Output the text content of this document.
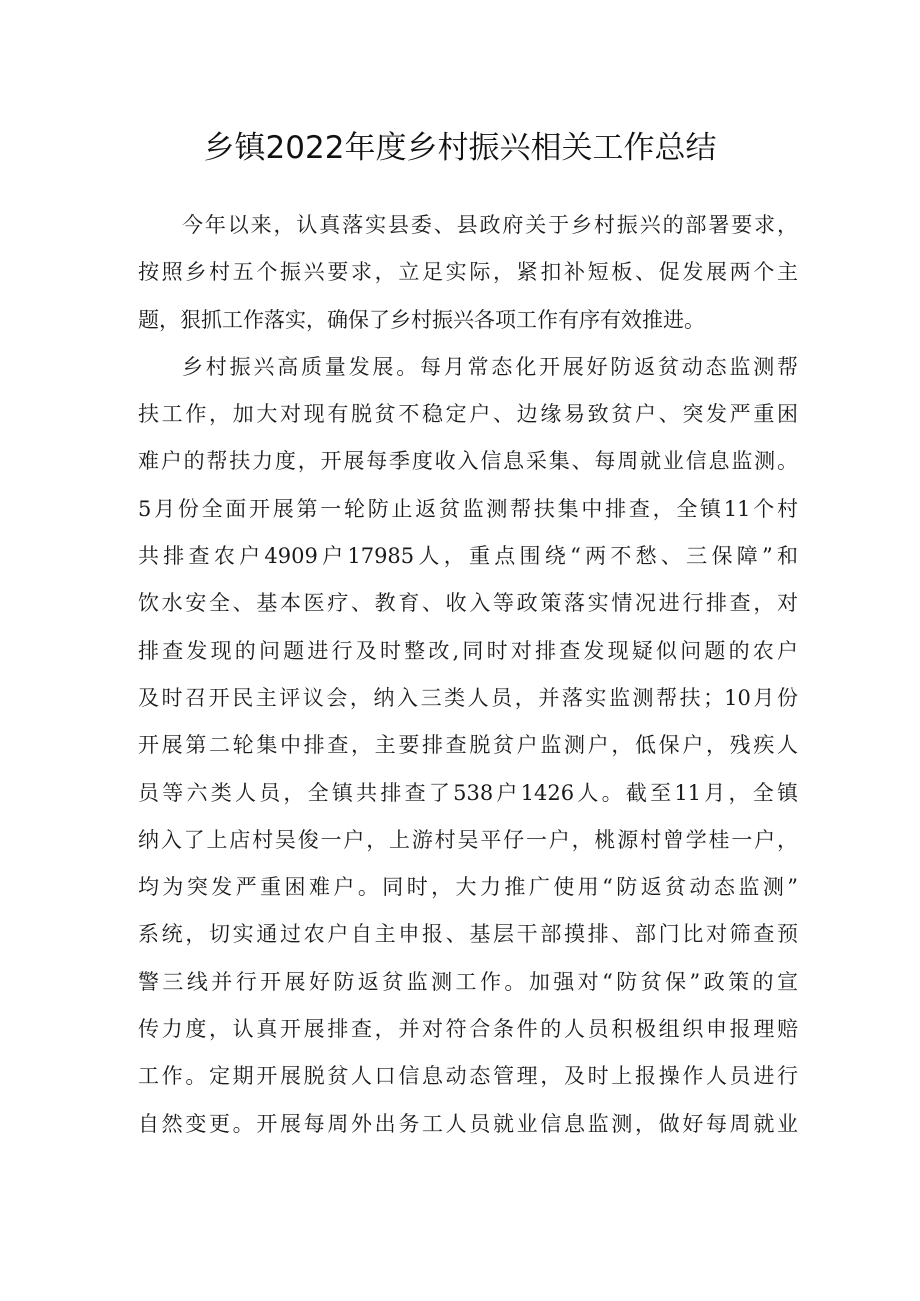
乡镇2022年度乡村振兴相关工作总结
今年以来，认真落实县委、县政府关于乡村振兴的部署要求，
按照乡村五个振兴要求，立足实际，紧扣补短板、促发展两个主
题，狠抓工作落实，确保了乡村振兴各项工作有序有效推进。
乡村振兴高质量发展。每月常态化开展好防返贫动态监测帮
扶工作，加大对现有脱贫不稳定户、边缘易致贫户、突发严重困
难户的帮扶力度，开展每季度收入信息采集、每周就业信息监测。
5月份全面开展第一轮防止返贫监测帮扶集中排查，全镇11个村
共排查农户4909户17985人，重点围绕“两不愁、三保障”和
饮水安全、基本医疗、教育、收入等政策落实情况进行排查，对
排查发现的问题进行及时整改,同时对排查发现疑似问题的农户
及时召开民主评议会，纳入三类人员，并落实监测帮扶；10月份
开展第二轮集中排查，主要排查脱贫户监测户，低保户，残疾人
员等六类人员，全镇共排查了538户1426人。截至11月，全镇
纳入了上店村吴俊一户，上游村吴平仔一户，桃源村曾学桂一户，
均为突发严重困难户。同时，大力推广使用“防返贫动态监测”
系统，切实通过农户自主申报、基层干部摸排、部门比对筛查预
警三线并行开展好防返贫监测工作。加强对“防贫保”政策的宣
传力度，认真开展排查，并对符合条件的人员积极组织申报理赔
工作。定期开展脱贫人口信息动态管理，及时上报操作人员进行
自然变更。开展每周外出务工人员就业信息监测，做好每周就业
